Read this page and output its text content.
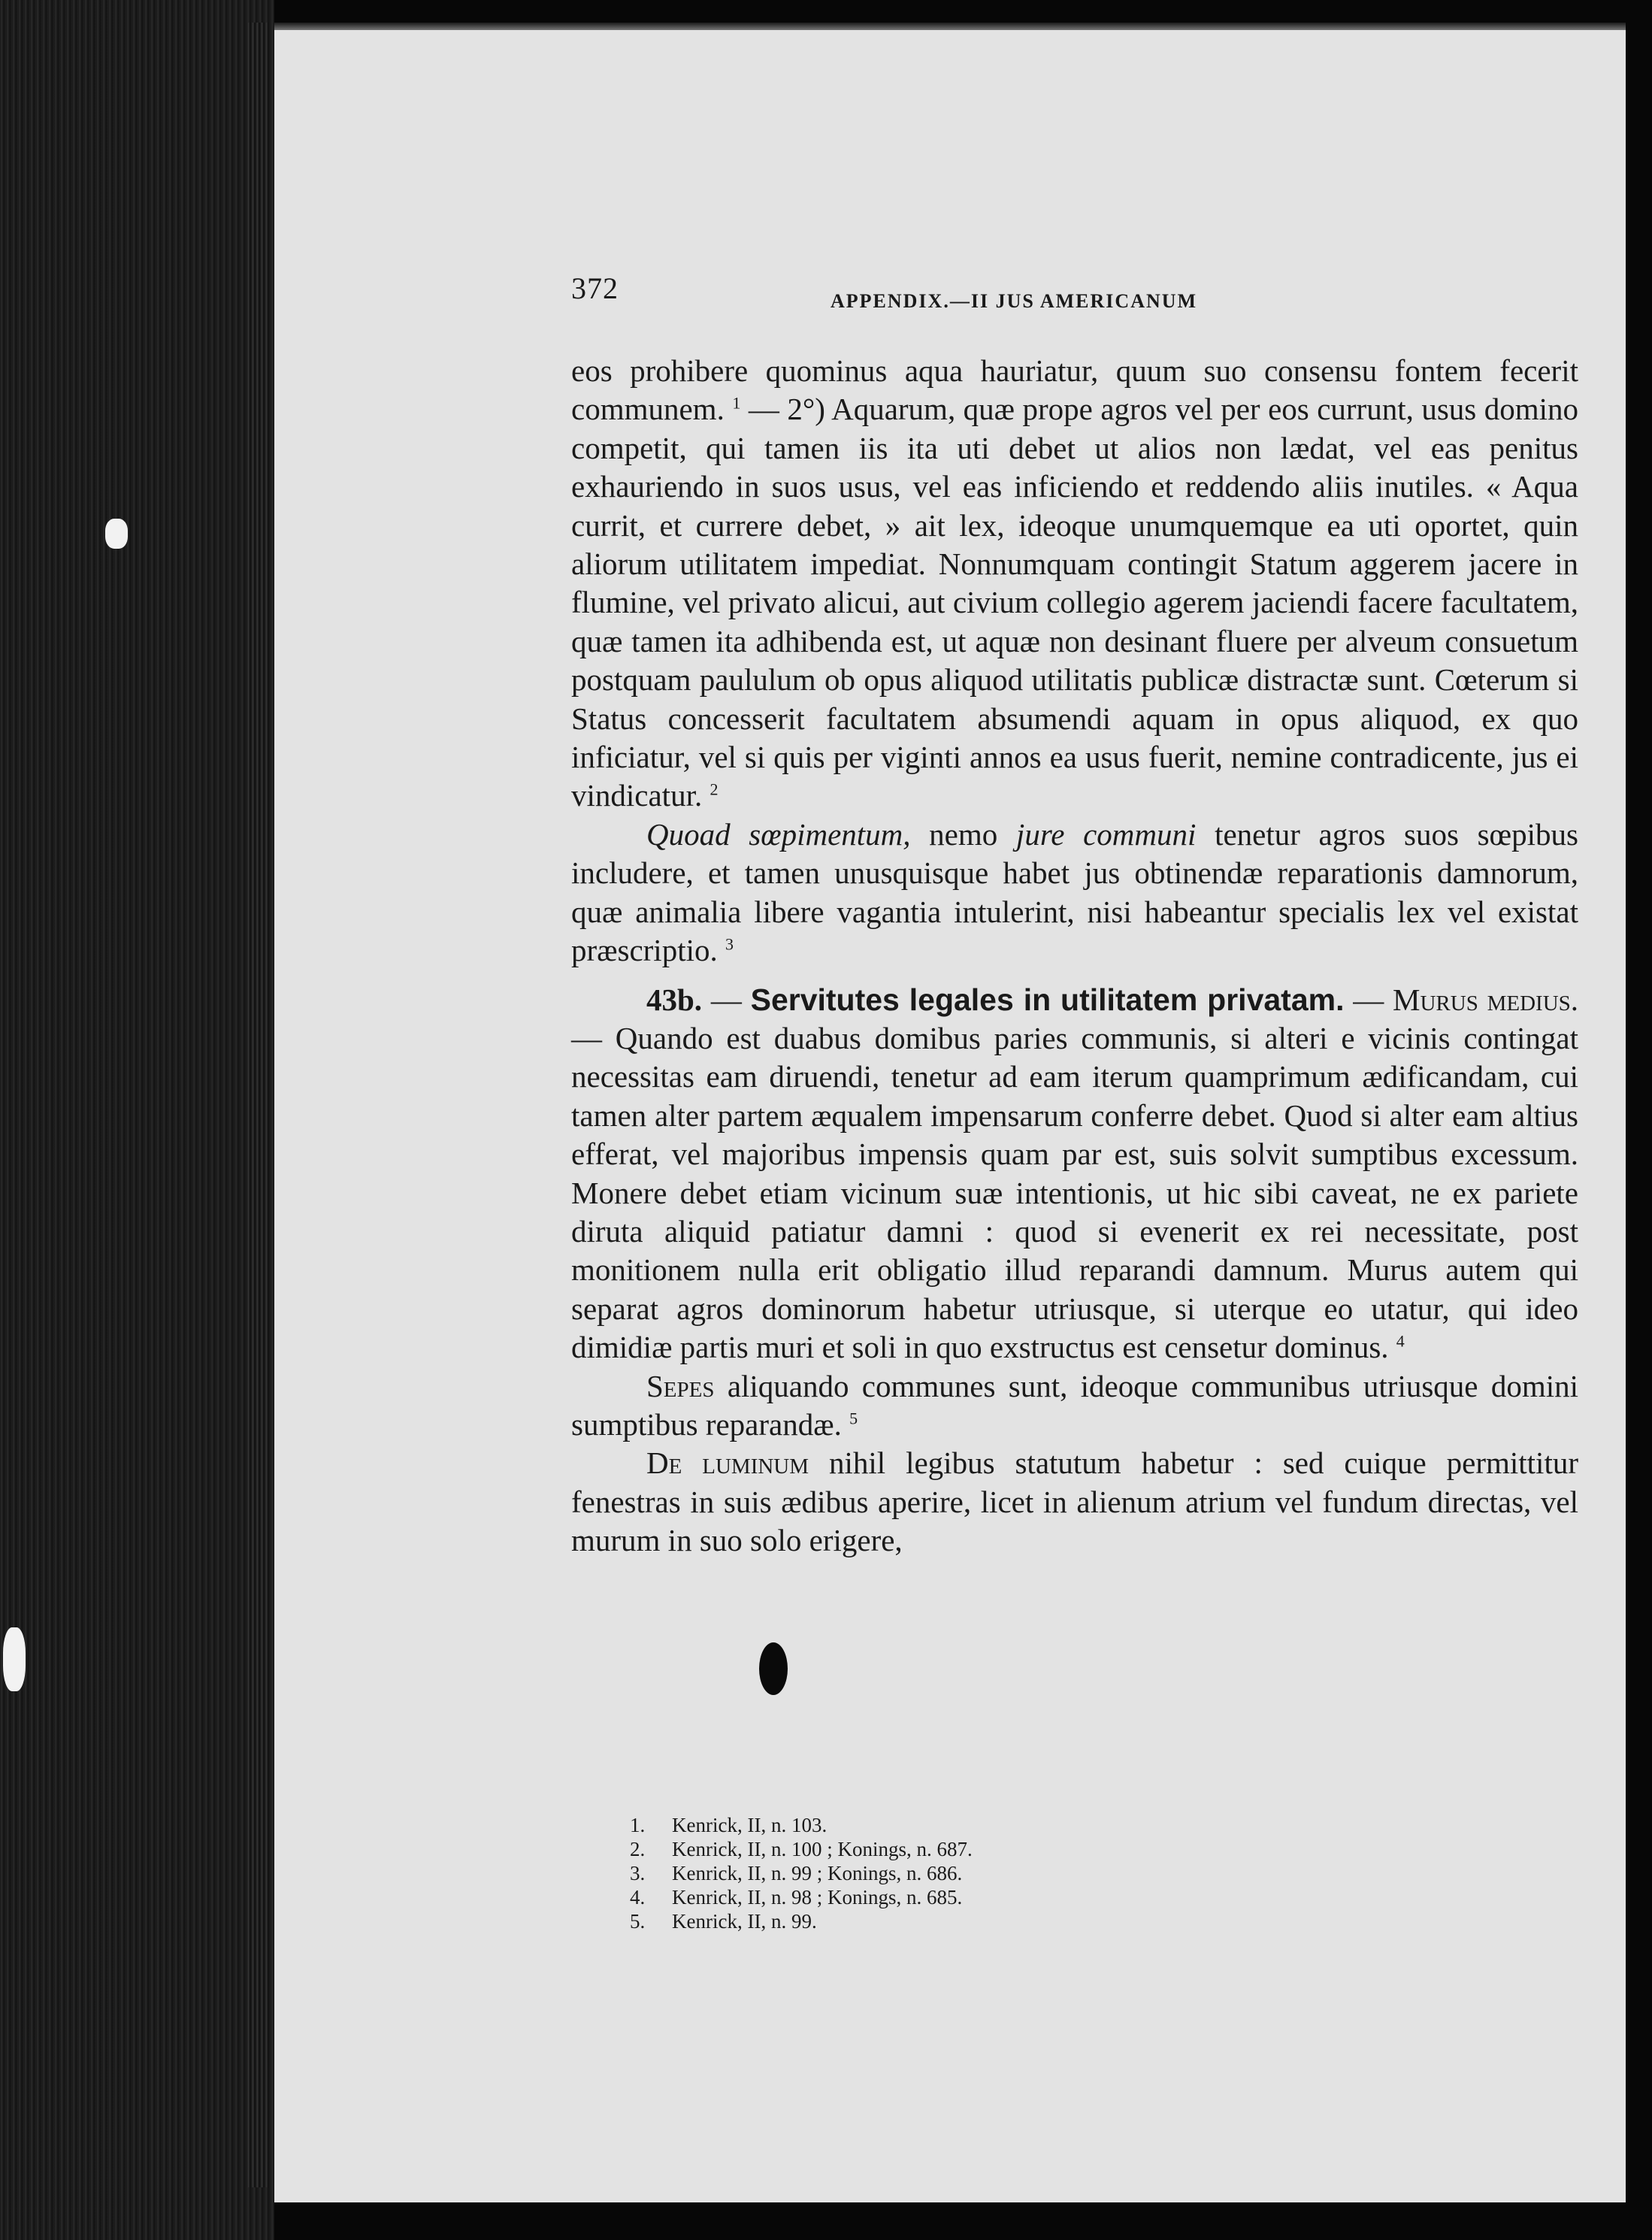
372	APPENDIX.—II JUS AMERICANUM

eos prohibere quominus aqua hauriatur, quum suo consensu fontem fecerit communem. $^1$ — 2°) Aquarum, quæ prope agros vel per eos currunt, usus domino competit, qui tamen iis ita uti debet ut alios non lædat, vel eas penitus exhauriendo in suos usus, vel eas inficiendo et reddendo aliis inutiles. « Aqua currit, et currere debet, » ait lex, ideoque unumquemque ea uti oportet, quin aliorum utilitatem impediat. Nonnumquam contingit Statum aggerem jacere in flumine, vel privato alicui, aut civium collegio agerem jaciendi facere facultatem, quæ tamen ita adhibenda est, ut aquæ non desinant fluere per alveum consuetum postquam paululum ob opus aliquod utilitatis publicæ distractæ sunt. Cœterum si Status concesserit facultatem absumendi aquam in opus aliquod, ex quo inficiatur, vel si quis per viginti annos ea usus fuerit, nemine contradicente, jus ei vindicatur. $^2$

Quoad sœpimentum, nemo jure communi tenetur agros suos sœpibus includere, et tamen unusquisque habet jus obtinendæ reparationis damnorum, quæ animalia libere vagantia intulerint, nisi habeantur specialis lex vel existat præscriptio. $^3$

43b. — Servitutes legales in utilitatem privatam. — Murus medius. — Quando est duabus domibus paries communis, si alteri e vicinis contingat necessitas eam diruendi, tenetur ad eam iterum quamprimum ædificandam, cui tamen alter partem æqualem impensarum conferre debet. Quod si alter eam altius efferat, vel majoribus impensis quam par est, suis solvit sumptibus excessum. Monere debet etiam vicinum suæ intentionis, ut hic sibi caveat, ne ex pariete diruta aliquid patiatur damni : quod si evenerit ex rei necessitate, post monitionem nulla erit obligatio illud reparandi damnum. Murus autem qui separat agros dominorum habetur utriusque, si uterque eo utatur, qui ideo dimidiæ partis muri et soli in quo exstructus est censetur dominus. $^4$

Sepes aliquando communes sunt, ideoque communibus utriusque domini sumptibus reparandæ. $^5$

De luminum nihil legibus statutum habetur : sed cuique permittitur fenestras in suis ædibus aperire, licet in alienum atrium vel fundum directas, vel murum in suo solo erigere,

1. Kenrick, II, n. 103.
2. Kenrick, II, n. 100 ; Konings, n. 687.
3. Kenrick, II, n. 99 ; Konings, n. 686.
4. Kenrick, II, n. 98 ; Konings, n. 685.
5. Kenrick, II, n. 99.
